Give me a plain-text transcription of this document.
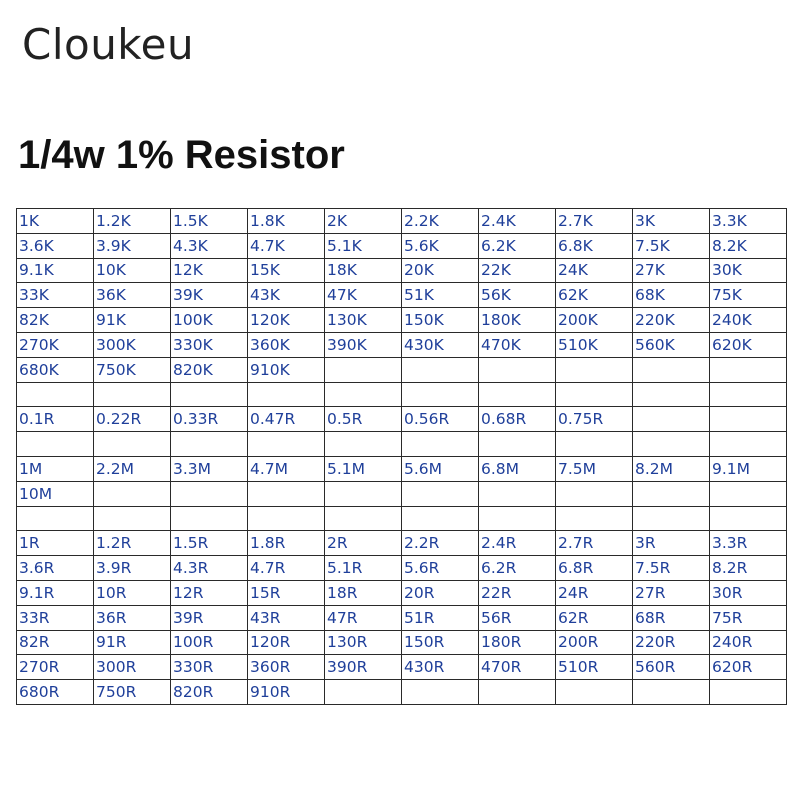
Cloukeu
1/4w 1% Resistor
1K	1.2K	1.5K	1.8K	2K	2.2K	2.4K	2.7K	3K	3.3K
3.6K	3.9K	4.3K	4.7K	5.1K	5.6K	6.2K	6.8K	7.5K	8.2K
9.1K	10K	12K	15K	18K	20K	22K	24K	27K	30K
33K	36K	39K	43K	47K	51K	56K	62K	68K	75K
82K	91K	100K	120K	130K	150K	180K	200K	220K	240K
270K	300K	330K	360K	390K	430K	470K	510K	560K	620K
680K	750K	820K	910K						

0.1R	0.22R	0.33R	0.47R	0.5R	0.56R	0.68R	0.75R		

1M	2.2M	3.3M	4.7M	5.1M	5.6M	6.8M	7.5M	8.2M	9.1M
10M									

1R	1.2R	1.5R	1.8R	2R	2.2R	2.4R	2.7R	3R	3.3R
3.6R	3.9R	4.3R	4.7R	5.1R	5.6R	6.2R	6.8R	7.5R	8.2R
9.1R	10R	12R	15R	18R	20R	22R	24R	27R	30R
33R	36R	39R	43R	47R	51R	56R	62R	68R	75R
82R	91R	100R	120R	130R	150R	180R	200R	220R	240R
270R	300R	330R	360R	390R	430R	470R	510R	560R	620R
680R	750R	820R	910R						
